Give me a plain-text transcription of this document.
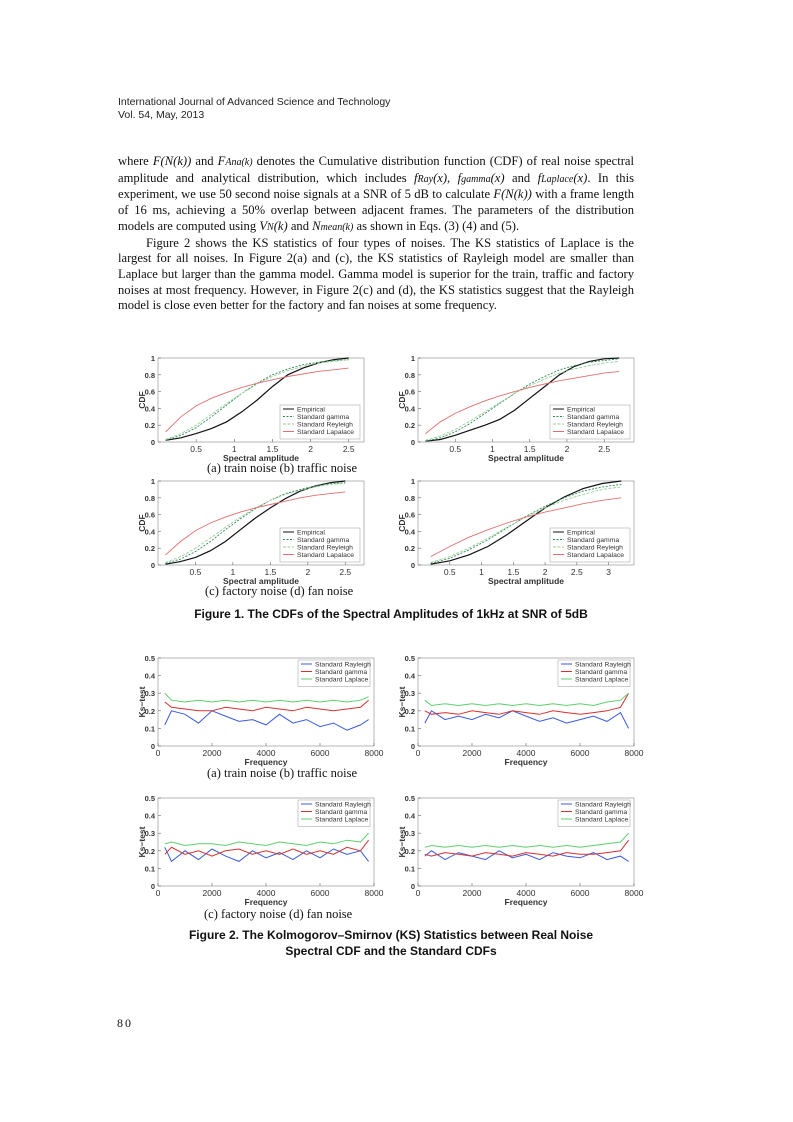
International Journal of Advanced Science and Technology
Vol. 54, May, 2013

where F(N(k)) and FAna(k) denotes the Cumulative distribution function (CDF) of real noise spectral amplitude and analytical distribution, which includes fRay(x), fgamma(x) and fLaplace(x). In this experiment, we use 50 second noise signals at a SNR of 5 dB to calculate F(N(k)) with a frame length of 16 ms, achieving a 50% overlap between adjacent frames. The parameters of the distribution models are computed using VN(k) and Nmean(k) as shown in Eqs. (3) (4) and (5).

Figure 2 shows the KS statistics of four types of noises. The KS statistics of Laplace is the largest for all noises. In Figure 2(a) and (c), the KS statistics of Rayleigh model are smaller than Laplace but larger than the gamma model. Gamma model is superior for the train, traffic and factory noises at most frequency. However, in Figure 2(c) and (d), the KS statistics suggest that the Rayleigh model is close even better for the factory and fan noises at some frequency.

0
0.2
0.4
0.6
0.8
1
0.5	1	1.5	2	2.5
Spectral amplitude
CDF
Empirical
Standard gamma
Standard Reyleigh
Standard Lapalace
0
0.2
0.4
0.6
0.8
1
0.5	1	1.5	2	2.5
Spectral amplitude
CDF
Empirical
Standard gamma
Standard Reyleigh
Standard Lapalace
(a) train noise (b) traffic noise
0
0.2
0.4
0.6
0.8
1
0.5	1	1.5	2	2.5
Spectral amplitude
CDF
Empirical
Standard gamma
Standard Reyleigh
Standard Lapalace
0
0.2
0.4
0.6
0.8
1
0.5	1	1.5	2	2.5	3
Spectral amplitude
CDF
Empirical
Standard gamma
Standard Reyleigh
Standard Lapalace
(c) factory noise (d) fan noise
Figure 1. The CDFs of the Spectral Amplitudes of 1kHz at SNR of 5dB
0
0.1
0.2
0.3
0.4
0.5
0	2000	4000	6000	8000
Frequency
Ks−test
Standard Rayleigh
Standard gamma
Standard Laplace
0
0.1
0.2
0.3
0.4
0.5
0	2000	4000	6000	8000
Frequency
Ks−test
Standard Rayleigh
Standard gamma
Standard Laplace
(a) train noise (b) traffic noise
0
0.1
0.2
0.3
0.4
0.5
0	2000	4000	6000	8000
Frequency
Ks−test
Standard Rayleigh
Standard gamma
Standard Laplace
0
0.1
0.2
0.3
0.4
0.5
0	2000	4000	6000	8000
Frequency
Ks−test
Standard Rayleigh
Standard gamma
Standard Laplace
(c) factory noise (d) fan noise
Figure 2. The Kolmogorov–Smirnov (KS) Statistics between Real Noise
Spectral CDF and the Standard CDFs
80
